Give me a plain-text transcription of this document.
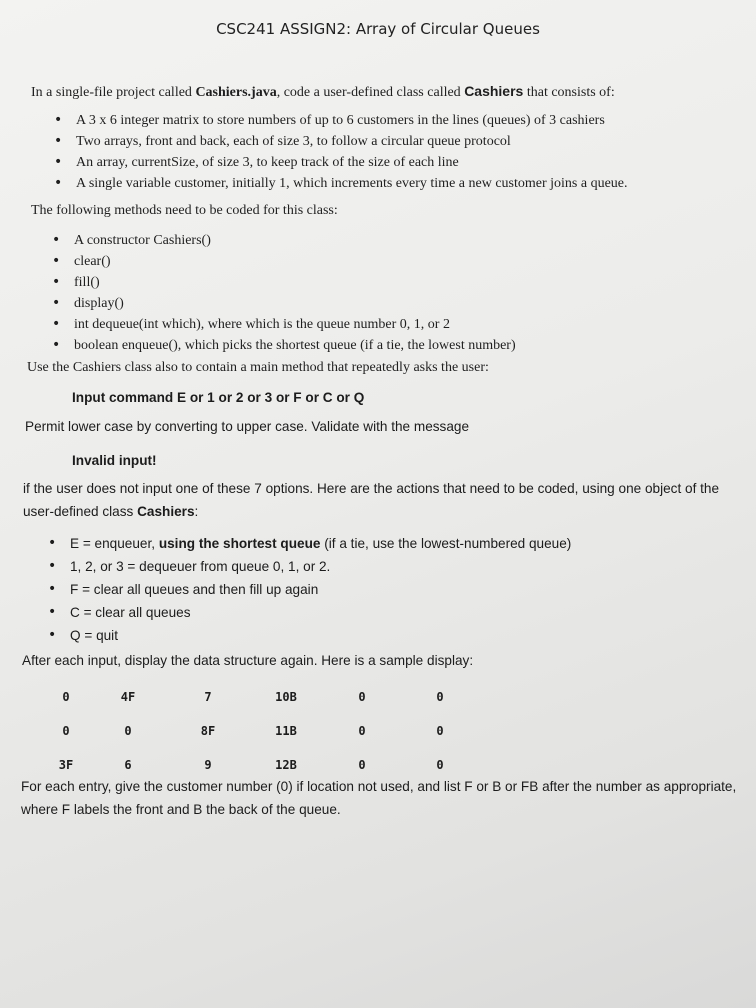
CSC241 ASSIGN2: Array of Circular Queues
In a single-file project called Cashiers.java, code a user-defined class called Cashiers that consists of:
• A 3 x 6 integer matrix to store numbers of up to 6 customers in the lines (queues) of 3 cashiers
• Two arrays, front and back, each of size 3, to follow a circular queue protocol
• An array, currentSize, of size 3, to keep track of the size of each line
• A single variable customer, initially 1, which increments every time a new customer joins a queue.
The following methods need to be coded for this class:
• A constructor Cashiers()
• clear()
• fill()
• display()
• int dequeue(int which), where which is the queue number 0, 1, or 2
• boolean enqueue(), which picks the shortest queue (if a tie, the lowest number)
Use the Cashiers class also to contain a main method that repeatedly asks the user:
Input command E or 1 or 2 or 3 or F or C or Q
Permit lower case by converting to upper case. Validate with the message
Invalid input!
if the user does not input one of these 7 options. Here are the actions that need to be coded, using one object of the user-defined class Cashiers:
• E = enqueuer, using the shortest queue (if a tie, use the lowest-numbered queue)
• 1, 2, or 3 = dequeuer from queue 0, 1, or 2.
• F = clear all queues and then fill up again
• C = clear all queues
• Q = quit
After each input, display the data structure again. Here is a sample display:
0	4F	7	10B	0	0
0	0	8F	11B	0	0
3F	6	9	12B	0	0
For each entry, give the customer number (0) if location not used, and list F or B or FB after the number as appropriate, where F labels the front and B the back of the queue.
